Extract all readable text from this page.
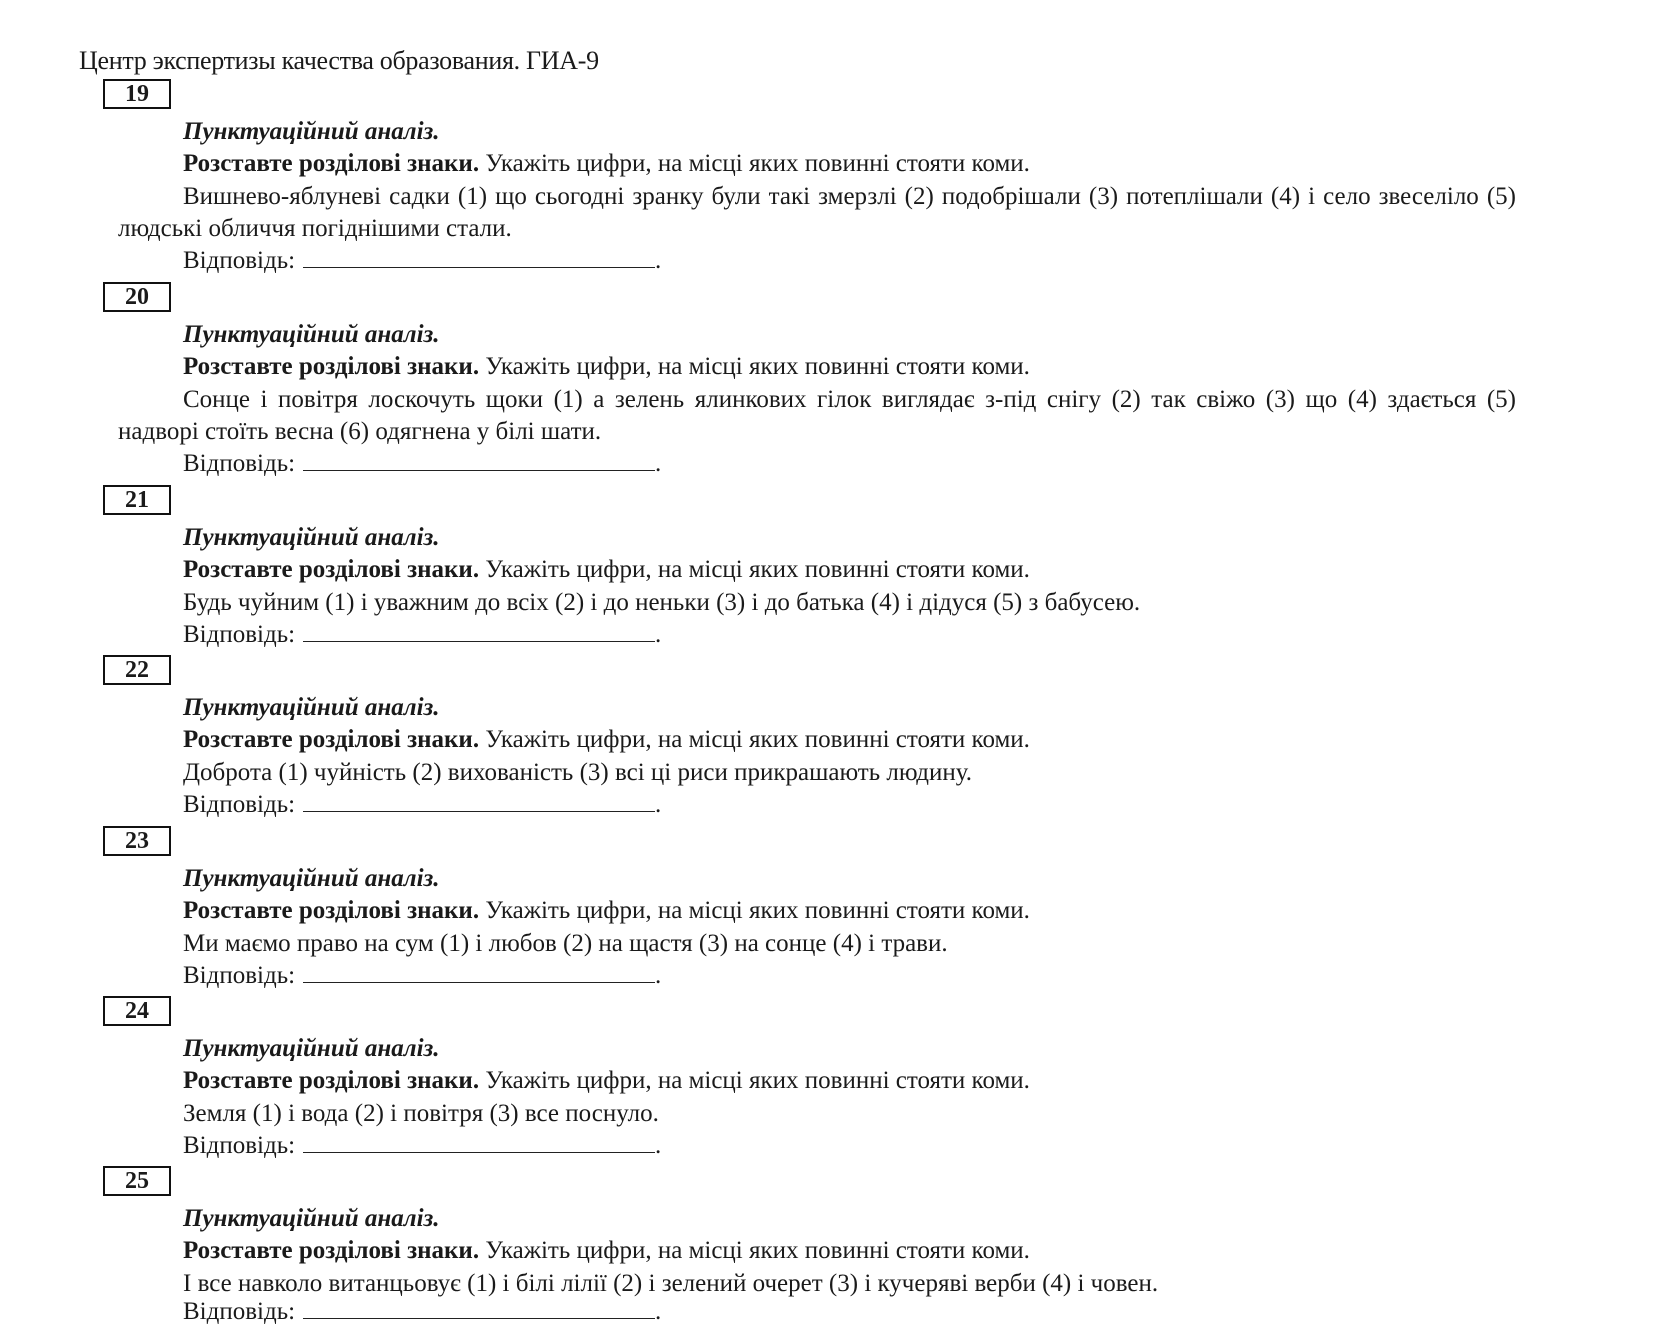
Центр экспертизы качества образования. ГИА-9
19
Пунктуаційний аналіз.
Розставте розділові знаки. Укажіть цифри, на місці яких повинні стояти коми.
Вишнево-яблуневі садки (1) що сьогодні зранку були такі змерзлі (2) подобрішали (3) потеплішали (4) і село звеселіло (5) людські обличчя погіднішими стали.
Відповідь:	.
20
Пунктуаційний аналіз.
Розставте розділові знаки. Укажіть цифри, на місці яких повинні стояти коми.
Сонце і повітря лоскочуть щоки (1) а зелень ялинкових гілок виглядає з-під снігу (2) так свіжо (3) що (4) здається (5) надворі стоїть весна (6) одягнена у білі шати.
Відповідь:	.
21
Пунктуаційний аналіз.
Розставте розділові знаки. Укажіть цифри, на місці яких повинні стояти коми.
Будь чуйним (1) і уважним до всіх (2) і до неньки (3) і до батька (4) і дідуся (5) з бабусею.
Відповідь:	.
22
Пунктуаційний аналіз.
Розставте розділові знаки. Укажіть цифри, на місці яких повинні стояти коми.
Доброта (1) чуйність (2) вихованість (3) всі ці риси прикрашають людину.
Відповідь:	.
23
Пунктуаційний аналіз.
Розставте розділові знаки. Укажіть цифри, на місці яких повинні стояти коми.
Ми маємо право на сум (1) і любов (2) на щастя (3) на сонце (4) і трави.
Відповідь:	.
24
Пунктуаційний аналіз.
Розставте розділові знаки. Укажіть цифри, на місці яких повинні стояти коми.
Земля (1) і вода (2) і повітря (3) все поснуло.
Відповідь:	.
25
Пунктуаційний аналіз.
Розставте розділові знаки. Укажіть цифри, на місці яких повинні стояти коми.
І все навколо витанцьовує (1) і білі лілії (2) і зелений очерет (3) і кучеряві верби (4) і човен.
Відповідь:	.
